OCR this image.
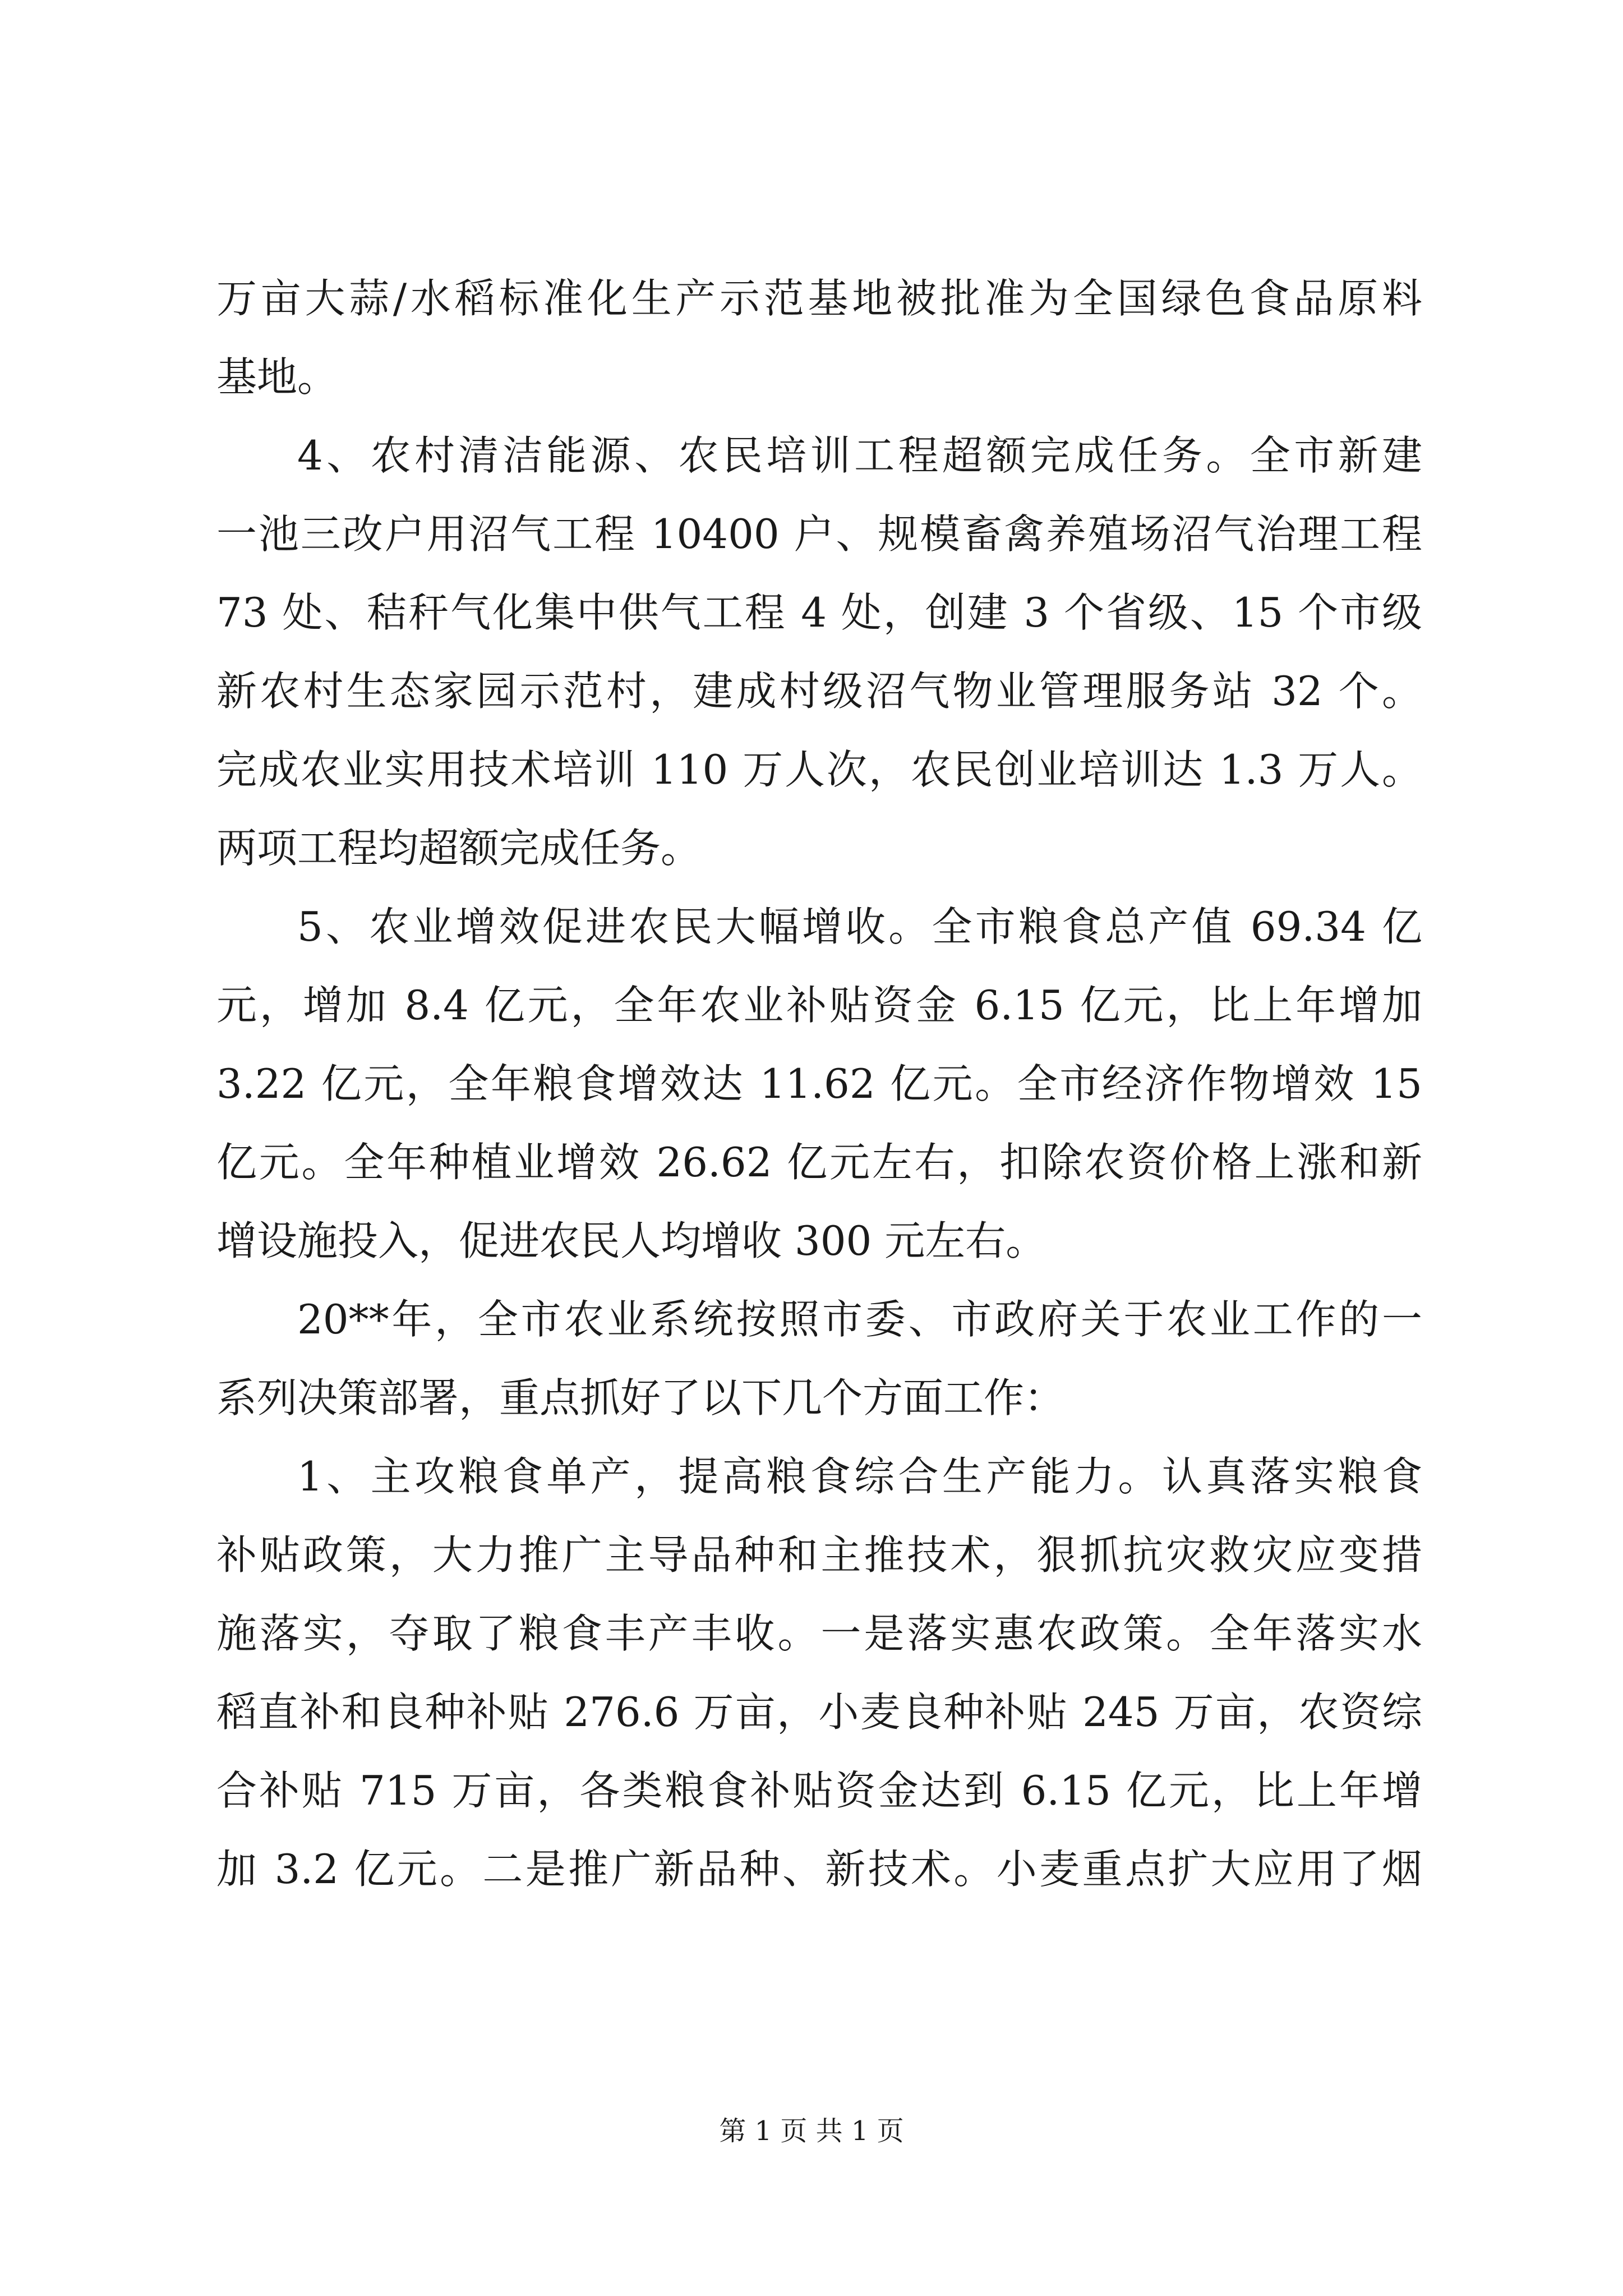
万亩大蒜/水稻标准化生产示范基地被批准为全国绿色食品原料
基地。
4、农村清洁能源、农民培训工程超额完成任务。全市新建
一池三改户用沼气工程 10400 户、规模畜禽养殖场沼气治理工程
73 处、秸秆气化集中供气工程 4 处，创建 3 个省级、15 个市级
新农村生态家园示范村，建成村级沼气物业管理服务站 32 个。
完成农业实用技术培训 110 万人次，农民创业培训达 1.3 万人。
两项工程均超额完成任务。
5、农业增效促进农民大幅增收。全市粮食总产值 69.34 亿
元，增加 8.4 亿元，全年农业补贴资金 6.15 亿元，比上年增加
3.22 亿元，全年粮食增效达 11.62 亿元。全市经济作物增效 15
亿元。全年种植业增效 26.62 亿元左右，扣除农资价格上涨和新
增设施投入，促进农民人均增收 300 元左右。
20**年，全市农业系统按照市委、市政府关于农业工作的一
系列决策部署，重点抓好了以下几个方面工作：
1、主攻粮食单产，提高粮食综合生产能力。认真落实粮食
补贴政策，大力推广主导品种和主推技术，狠抓抗灾救灾应变措
施落实，夺取了粮食丰产丰收。一是落实惠农政策。全年落实水
稻直补和良种补贴 276.6 万亩，小麦良种补贴 245 万亩，农资综
合补贴 715 万亩，各类粮食补贴资金达到 6.15 亿元，比上年增
加 3.2 亿元。二是推广新品种、新技术。小麦重点扩大应用了烟
第 1 页 共 1 页
